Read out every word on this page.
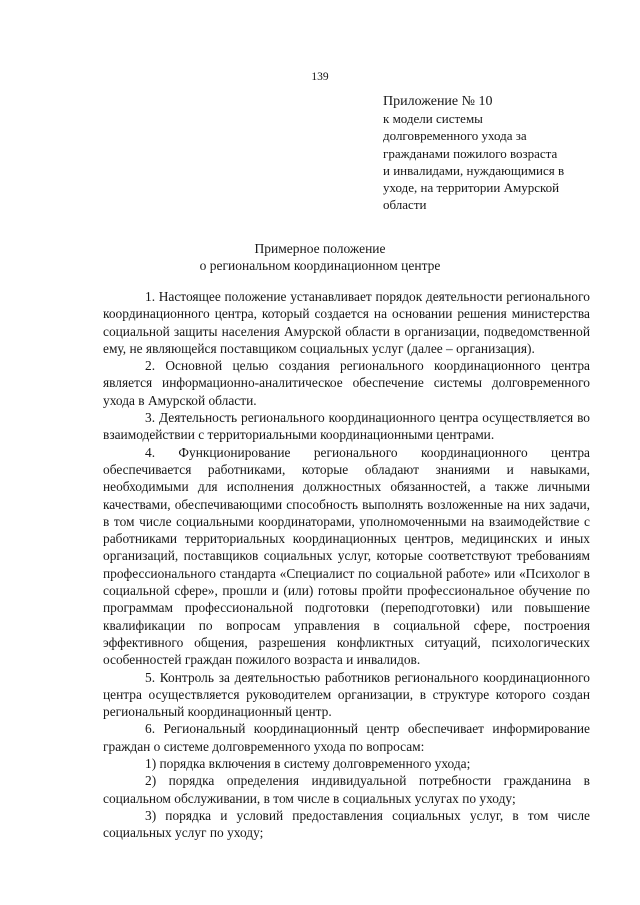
139
Приложение № 10
к модели системы
долговременного ухода за
гражданами пожилого возраста
и инвалидами, нуждающимися в
уходе, на территории Амурской
области
Примерное положение
о региональном координационном центре

1. Настоящее положение устанавливает порядок деятельности регионального координационного центра, который создается на основании решения министерства социальной защиты населения Амурской области в организации, подведомственной ему, не являющейся поставщиком социальных услуг (далее – организация).

2. Основной целью создания регионального координационного центра является информационно-аналитическое обеспечение системы долговременного ухода в Амурской области.

3. Деятельность регионального координационного центра осуществляется во взаимодействии с территориальными координационными центрами.

4. Функционирование регионального координационного центра обеспечивается работниками, которые обладают знаниями и навыками, необходимыми для исполнения должностных обязанностей, а также личными качествами, обеспечивающими способность выполнять возложенные на них задачи, в том числе социальными координаторами, уполномоченными на взаимодействие с работниками территориальных координационных центров, медицинских и иных организаций, поставщиков социальных услуг, которые соответствуют требованиям профессионального стандарта «Специалист по социальной работе» или «Психолог в социальной сфере», прошли и (или) готовы пройти профессиональное обучение по программам профессиональной подготовки (переподготовки) или повышение квалификации по вопросам управления в социальной сфере, построения эффективного общения, разрешения конфликтных ситуаций, психологических особенностей граждан пожилого возраста и инвалидов.

5. Контроль за деятельностью работников регионального координационного центра осуществляется руководителем организации, в структуре которого создан региональный координационный центр.

6. Региональный координационный центр обеспечивает информирование граждан о системе долговременного ухода по вопросам:

1) порядка включения в систему долговременного ухода;

2) порядка определения индивидуальной потребности гражданина в социальном обслуживании, в том числе в социальных услугах по уходу;

3) порядка и условий предоставления социальных услуг, в том числе социальных услуг по уходу;
